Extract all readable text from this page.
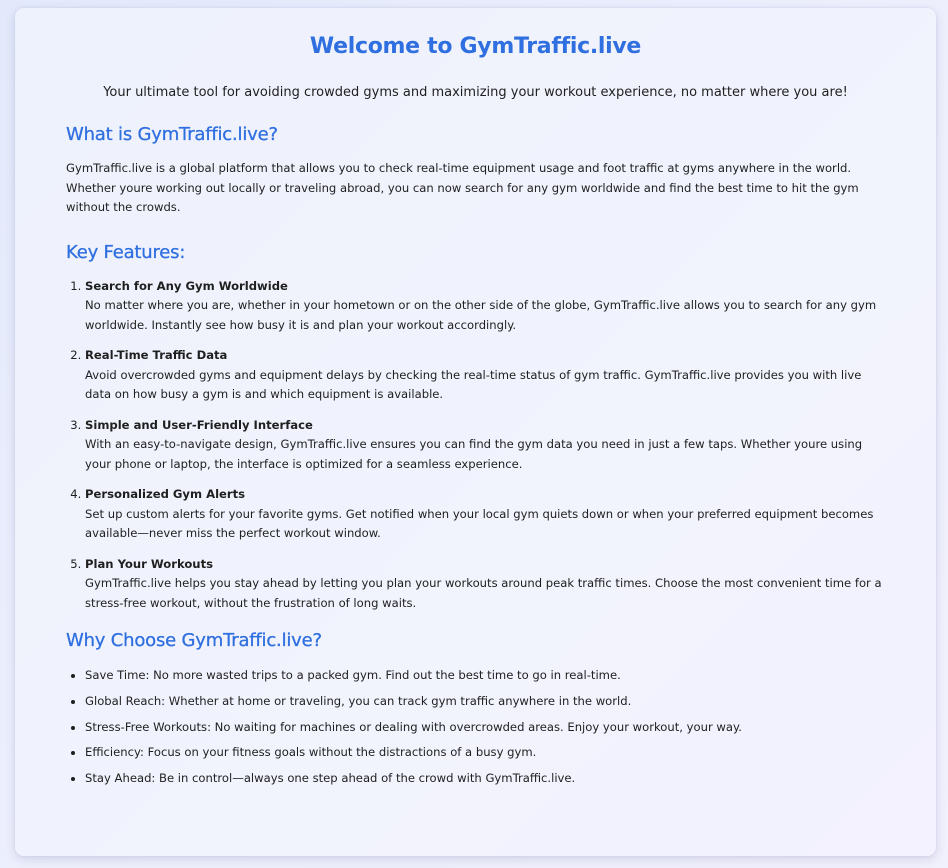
Welcome to GymTraffic.live

Your ultimate tool for avoiding crowded gyms and maximizing your workout experience, no matter where you are!

What is GymTraffic.live?

GymTraffic.live is a global platform that allows you to check real-time equipment usage and foot traffic at gyms anywhere in the world. Whether youre working out locally or traveling abroad, you can now search for any gym worldwide and find the best time to hit the gym without the crowds.

Key Features:
1. Search for Any Gym Worldwide
No matter where you are, whether in your hometown or on the other side of the globe, GymTraffic.live allows you to search for any gym worldwide. Instantly see how busy it is and plan your workout accordingly.
2. Real-Time Traffic Data
Avoid overcrowded gyms and equipment delays by checking the real-time status of gym traffic. GymTraffic.live provides you with live data on how busy a gym is and which equipment is available.
3. Simple and User-Friendly Interface
With an easy-to-navigate design, GymTraffic.live ensures you can find the gym data you need in just a few taps. Whether youre using your phone or laptop, the interface is optimized for a seamless experience.
4. Personalized Gym Alerts
Set up custom alerts for your favorite gyms. Get notified when your local gym quiets down or when your preferred equipment becomes available—never miss the perfect workout window.
5. Plan Your Workouts
GymTraffic.live helps you stay ahead by letting you plan your workouts around peak traffic times. Choose the most convenient time for a stress-free workout, without the frustration of long waits.
Why Choose GymTraffic.live?
• Save Time: No more wasted trips to a packed gym. Find out the best time to go in real-time.
• Global Reach: Whether at home or traveling, you can track gym traffic anywhere in the world.
• Stress-Free Workouts: No waiting for machines or dealing with overcrowded areas. Enjoy your workout, your way.
• Efficiency: Focus on your fitness goals without the distractions of a busy gym.
• Stay Ahead: Be in control—always one step ahead of the crowd with GymTraffic.live.
